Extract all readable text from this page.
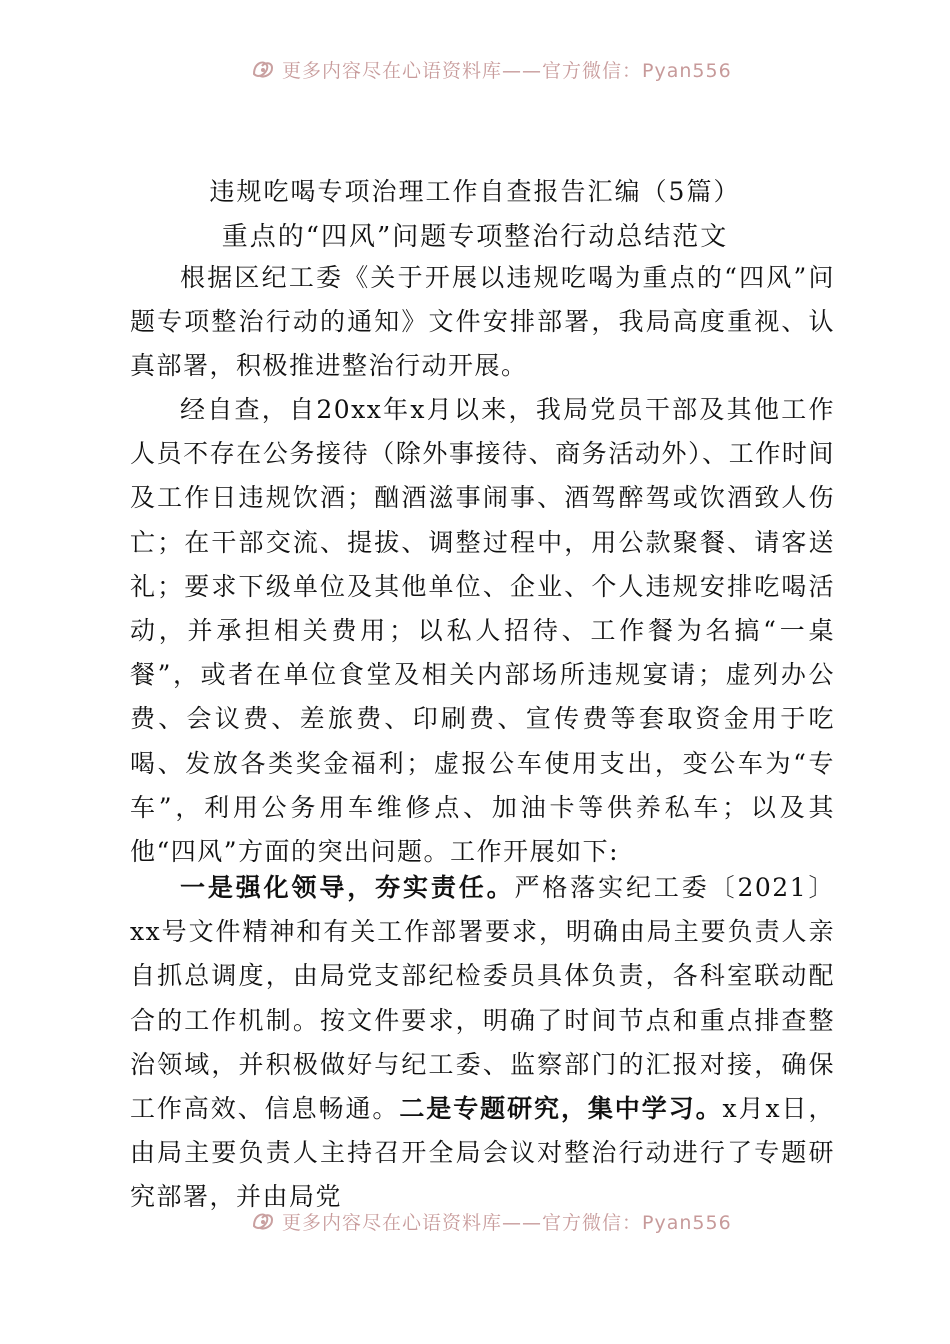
更多内容尽在心语资料库——官方微信：Pyan556
违规吃喝专项治理工作自查报告汇编（5篇）
重点的“四风”问题专项整治行动总结范文

根据区纪工委《关于开展以违规吃喝为重点的“四风”问题专项整治行动的通知》文件安排部署，我局高度重视、认真部署，积极推进整治行动开展。

经自查，自20xx年x月以来，我局党员干部及其他工作人员不存在公务接待（除外事接待、商务活动外）、工作时间及工作日违规饮酒；酗酒滋事闹事、酒驾醉驾或饮酒致人伤亡；在干部交流、提拔、调整过程中，用公款聚餐、请客送礼；要求下级单位及其他单位、企业、个人违规安排吃喝活动，并承担相关费用；以私人招待、工作餐为名搞“一桌餐”，或者在单位食堂及相关内部场所违规宴请；虚列办公费、会议费、差旅费、印刷费、宣传费等套取资金用于吃喝、发放各类奖金福利；虚报公车使用支出，变公车为“专车”，利用公务用车维修点、加油卡等供养私车；以及其他“四风”方面的突出问题。工作开展如下:

一是强化领导，夯实责任。严格落实纪工委〔2021〕xx号文件精神和有关工作部署要求，明确由局主要负责人亲自抓总调度，由局党支部纪检委员具体负责，各科室联动配合的工作机制。按文件要求，明确了时间节点和重点排查整治领域，并积极做好与纪工委、监察部门的汇报对接，确保工作高效、信息畅通。二是专题研究，集中学习。x月x日，由局主要负责人主持召开全局会议对整治行动进行了专题研究部署，并由局党

更多内容尽在心语资料库——官方微信：Pyan556
